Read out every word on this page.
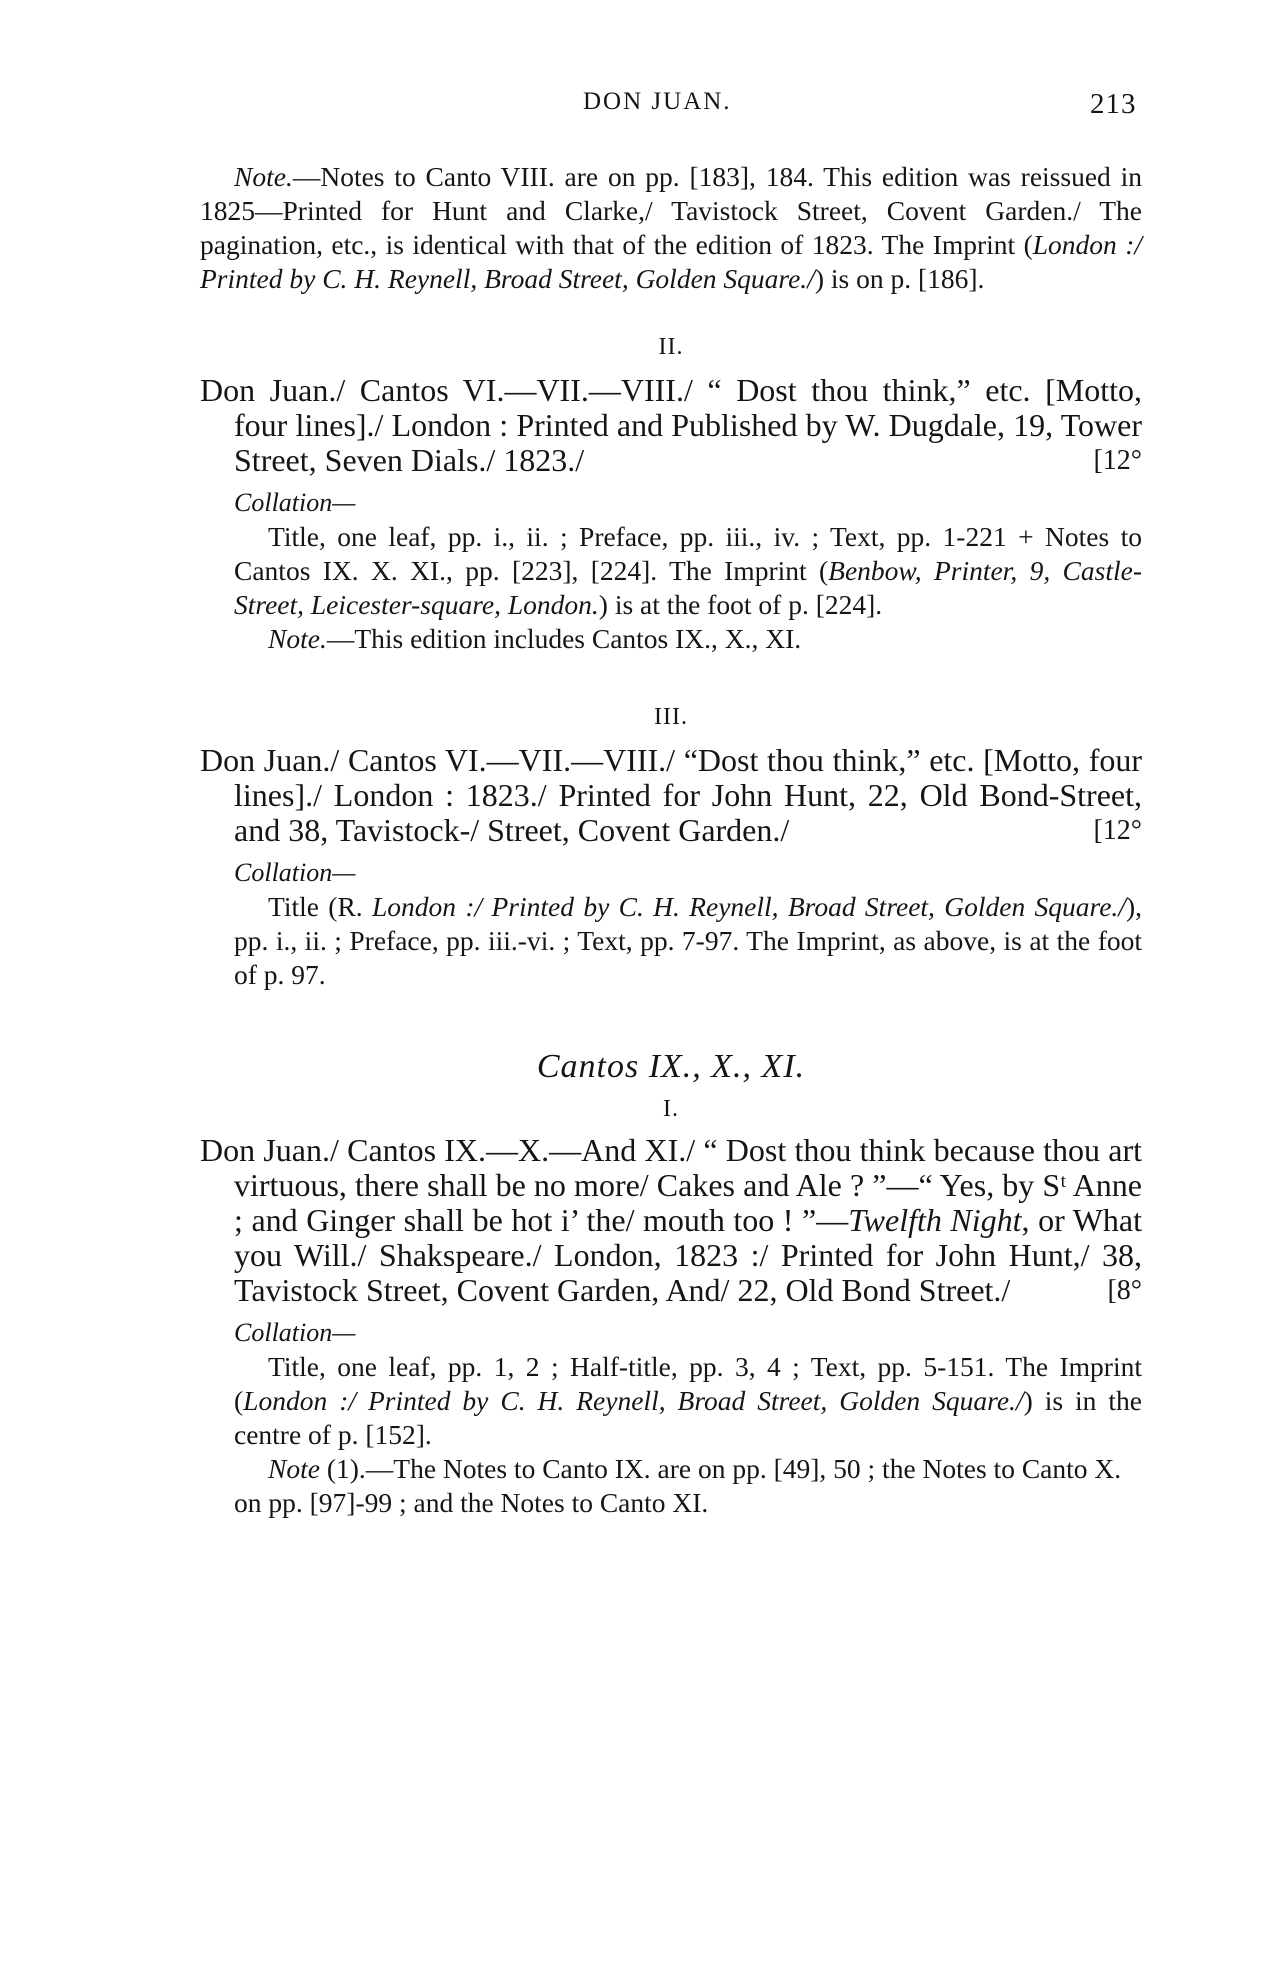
DON JUAN.	213

Note.—Notes to Canto VIII. are on pp. [183], 184. This edition was reissued in 1825—Printed for Hunt and Clarke,/ Tavistock Street, Covent Garden./ The pagination, etc., is identical with that of the edition of 1823. The Imprint (London :/ Printed by C. H. Reynell, Broad Street, Golden Square./) is on p. [186].

II.

Don Juan./ Cantos VI.—VII.—VIII./ “ Dost thou think,” etc. [Motto, four lines]./ London : Printed and Published by W. Dugdale, 19, Tower Street, Seven Dials./ 1823./	[12°

Collation—

Title, one leaf, pp. i., ii. ; Preface, pp. iii., iv. ; Text, pp. 1-221 + Notes to Cantos IX. X. XI., pp. [223], [224]. The Imprint (Benbow, Printer, 9, Castle-Street, Leicester-square, London.) is at the foot of p. [224].

Note.—This edition includes Cantos IX., X., XI.

III.

Don Juan./ Cantos VI.—VII.—VIII./ “Dost thou think,” etc. [Motto, four lines]./ London : 1823./ Printed for John Hunt, 22, Old Bond-Street, and 38, Tavistock-/ Street, Covent Garden./	[12°

Collation—

Title (R. London :/ Printed by C. H. Reynell, Broad Street, Golden Square./), pp. i., ii. ; Preface, pp. iii.-vi. ; Text, pp. 7-97. The Imprint, as above, is at the foot of p. 97.

Cantos IX., X., XI.

I.

Don Juan./ Cantos IX.—X.—And XI./ “ Dost thou think because thou art virtuous, there shall be no more/ Cakes and Ale ? ”—“ Yes, by Sᵗ Anne ; and Ginger shall be hot i’ the/ mouth too ! ”—Twelfth Night, or What you Will./ Shakspeare./ London, 1823 :/ Printed for John Hunt,/ 38, Tavistock Street, Covent Garden, And/ 22, Old Bond Street./	[8°

Collation—

Title, one leaf, pp. 1, 2 ; Half-title, pp. 3, 4 ; Text, pp. 5-151. The Imprint (London :/ Printed by C. H. Reynell, Broad Street, Golden Square./) is in the centre of p. [152].

Note (1).—The Notes to Canto IX. are on pp. [49], 50 ; the Notes to Canto X. on pp. [97]-99 ; and the Notes to Canto XI.
